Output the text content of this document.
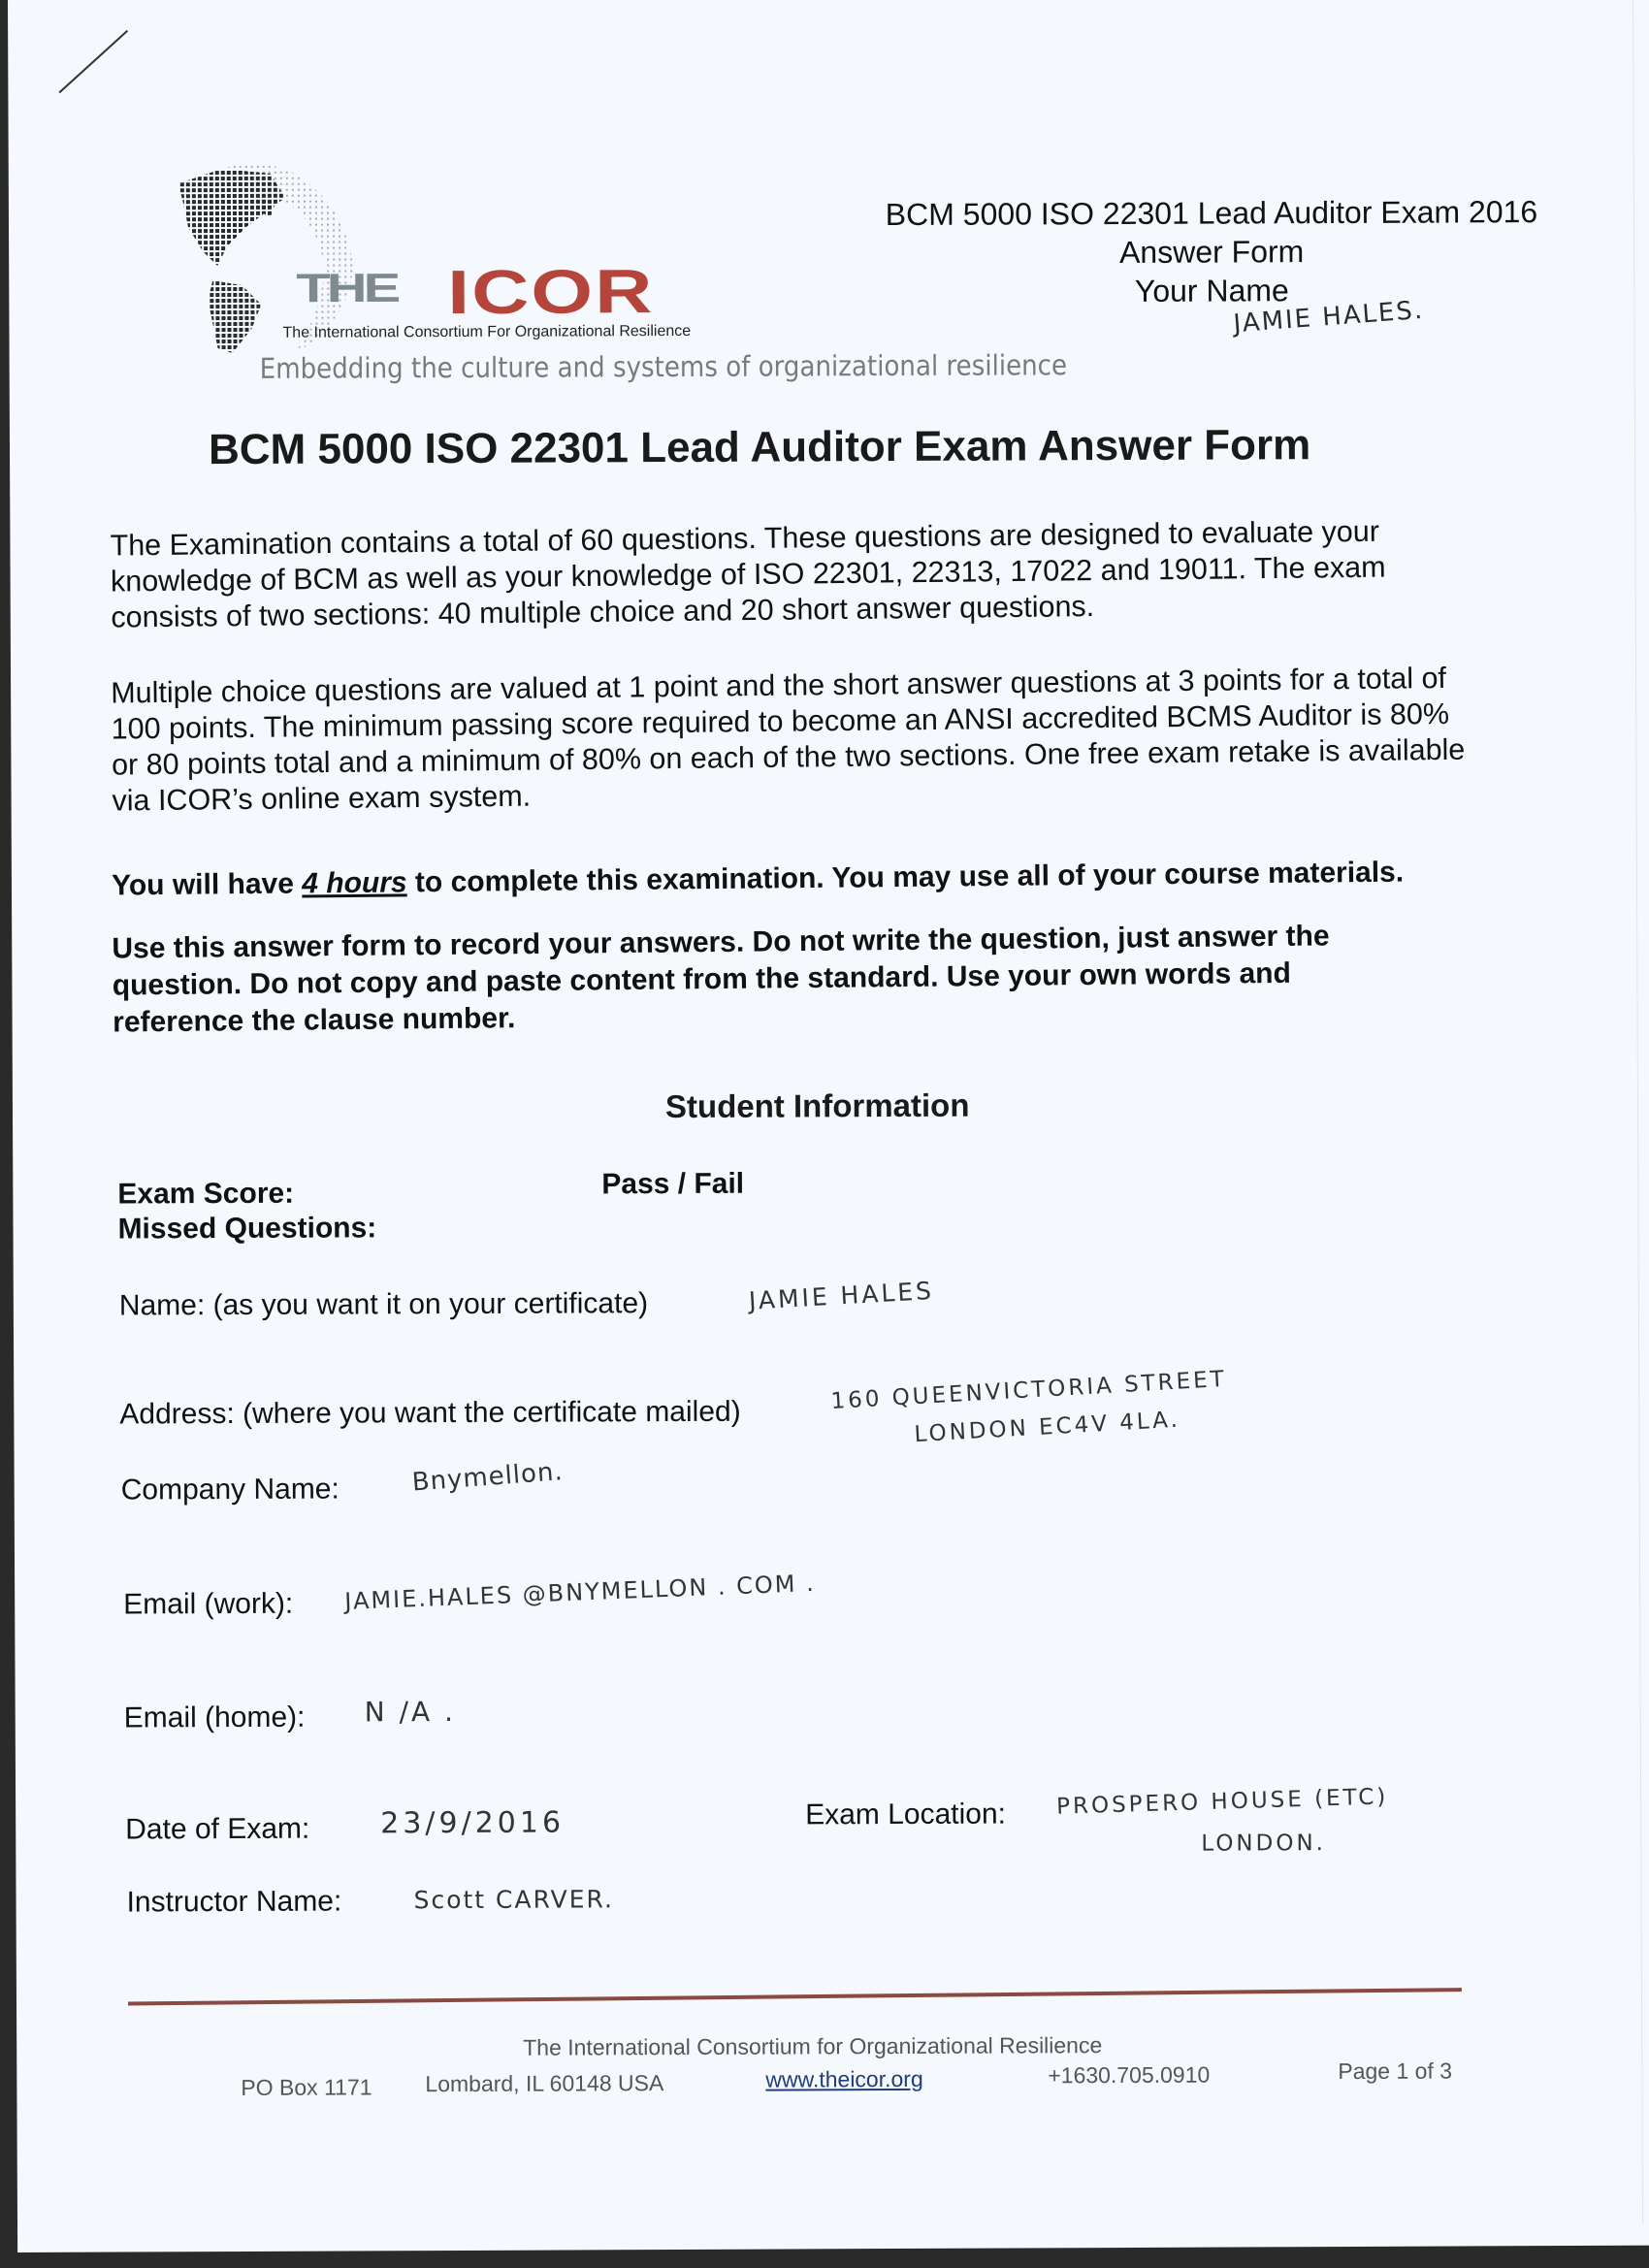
THE ICOR
The International Consortium For Organizational Resilience
Embedding the culture and systems of organizational resilience
BCM 5000 ISO 22301 Lead Auditor Exam 2016
Answer Form
Your Name
JAMIE HALES.
BCM 5000 ISO 22301 Lead Auditor Exam Answer Form
The Examination contains a total of 60 questions. These questions are designed to evaluate your
knowledge of BCM as well as your knowledge of ISO 22301, 22313, 17022 and 19011. The exam
consists of two sections: 40 multiple choice and 20 short answer questions.
Multiple choice questions are valued at 1 point and the short answer questions at 3 points for a total of
100 points. The minimum passing score required to become an ANSI accredited BCMS Auditor is 80%
or 80 points total and a minimum of 80% on each of the two sections. One free exam retake is available
via ICOR’s online exam system.
You will have 4 hours to complete this examination. You may use all of your course materials.
Use this answer form to record your answers. Do not write the question, just answer the
question. Do not copy and paste content from the standard. Use your own words and
reference the clause number.
Student Information
Exam Score:	Pass / Fail
Missed Questions:
Name: (as you want it on your certificate)	JAMIE HALES
Address: (where you want the certificate mailed)	160 QUEENVICTORIA STREET
LONDON EC4V 4LA.
Company Name:	Bnymellon.
Email (work): JAMIE.HALES @BNYMELLON . COM .
Email (home): N /A .
Date of Exam: 23/9/2016	Exam Location: PROSPERO HOUSE (ETC)
LONDON.
Instructor Name:	Scott CARVER.
The International Consortium for Organizational Resilience
PO Box 1171 Lombard, IL 60148 USA	www.theicor.org	+1630.705.0910	Page 1 of 3
